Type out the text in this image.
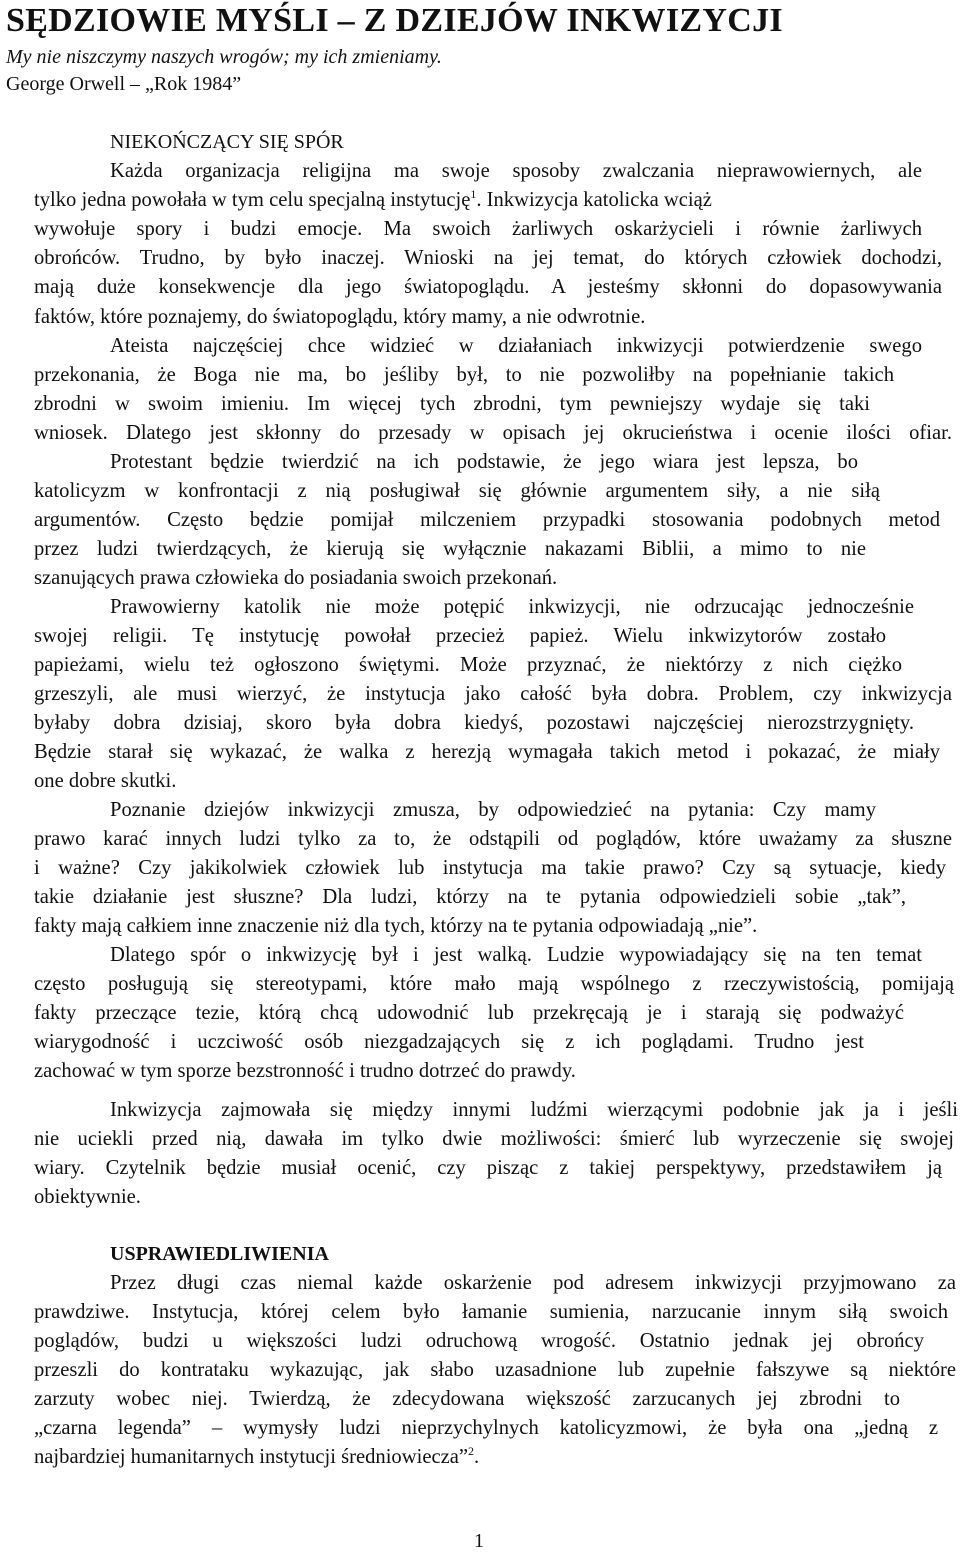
SĘDZIOWIE MYŚLI – Z DZIEJÓW INKWIZYCJI
My nie niszczymy naszych wrogów; my ich zmieniamy.
George Orwell – „Rok 1984”
NIEKOŃCZĄCY SIĘ SPÓR
Każda organizacja religijna ma swoje sposoby zwalczania nieprawowiernych, ale
tylko jedna powołała w tym celu specjalną instytucję$^1$. Inkwizycja katolicka wciąż
wywołuje spory i budzi emocje. Ma swoich żarliwych oskarżycieli i równie żarliwych
obrońców. Trudno, by było inaczej. Wnioski na jej temat, do których człowiek dochodzi,
mają duże konsekwencje dla jego światopoglądu. A jesteśmy skłonni do dopasowywania
faktów, które poznajemy, do światopoglądu, który mamy, a nie odwrotnie.
Ateista najczęściej chce widzieć w działaniach inkwizycji potwierdzenie swego
przekonania, że Boga nie ma, bo jeśliby był, to nie pozwoliłby na popełnianie takich
zbrodni w swoim imieniu. Im więcej tych zbrodni, tym pewniejszy wydaje się taki
wniosek. Dlatego jest skłonny do przesady w opisach jej okrucieństwa i ocenie ilości ofiar.
Protestant będzie twierdzić na ich podstawie, że jego wiara jest lepsza, bo
katolicyzm w konfrontacji z nią posługiwał się głównie argumentem siły, a nie siłą
argumentów. Często będzie pomijał milczeniem przypadki stosowania podobnych metod
przez ludzi twierdzących, że kierują się wyłącznie nakazami Biblii, a mimo to nie
szanujących prawa człowieka do posiadania swoich przekonań.
Prawowierny katolik nie może potępić inkwizycji, nie odrzucając jednocześnie
swojej religii. Tę instytucję powołał przecież papież. Wielu inkwizytorów zostało
papieżami, wielu też ogłoszono świętymi. Może przyznać, że niektórzy z nich ciężko
grzeszyli, ale musi wierzyć, że instytucja jako całość była dobra. Problem, czy inkwizycja
byłaby dobra dzisiaj, skoro była dobra kiedyś, pozostawi najczęściej nierozstrzygnięty.
Będzie starał się wykazać, że walka z herezją wymagała takich metod i pokazać, że miały
one dobre skutki.
Poznanie dziejów inkwizycji zmusza, by odpowiedzieć na pytania: Czy mamy
prawo karać innych ludzi tylko za to, że odstąpili od poglądów, które uważamy za słuszne
i ważne? Czy jakikolwiek człowiek lub instytucja ma takie prawo? Czy są sytuacje, kiedy
takie działanie jest słuszne? Dla ludzi, którzy na te pytania odpowiedzieli sobie „tak”,
fakty mają całkiem inne znaczenie niż dla tych, którzy na te pytania odpowiadają „nie”.
Dlatego spór o inkwizycję był i jest walką. Ludzie wypowiadający się na ten temat
często posługują się stereotypami, które mało mają wspólnego z rzeczywistością, pomijają
fakty przeczące tezie, którą chcą udowodnić lub przekręcają je i starają się podważyć
wiarygodność i uczciwość osób niezgadzających się z ich poglądami. Trudno jest
zachować w tym sporze bezstronność i trudno dotrzeć do prawdy.
Inkwizycja zajmowała się między innymi ludźmi wierzącymi podobnie jak ja i jeśli
nie uciekli przed nią, dawała im tylko dwie możliwości: śmierć lub wyrzeczenie się swojej
wiary. Czytelnik będzie musiał ocenić, czy pisząc z takiej perspektywy, przedstawiłem ją
obiektywnie.
USPRAWIEDLIWIENIA
Przez długi czas niemal każde oskarżenie pod adresem inkwizycji przyjmowano za
prawdziwe. Instytucja, której celem było łamanie sumienia, narzucanie innym siłą swoich
poglądów, budzi u większości ludzi odruchową wrogość. Ostatnio jednak jej obrońcy
przeszli do kontrataku wykazując, jak słabo uzasadnione lub zupełnie fałszywe są niektóre
zarzuty wobec niej. Twierdzą, że zdecydowana większość zarzucanych jej zbrodni to
„czarna legenda” – wymysły ludzi nieprzychylnych katolicyzmowi, że była ona „jedną z
najbardziej humanitarnych instytucji średniowiecza”$^2$.
1
